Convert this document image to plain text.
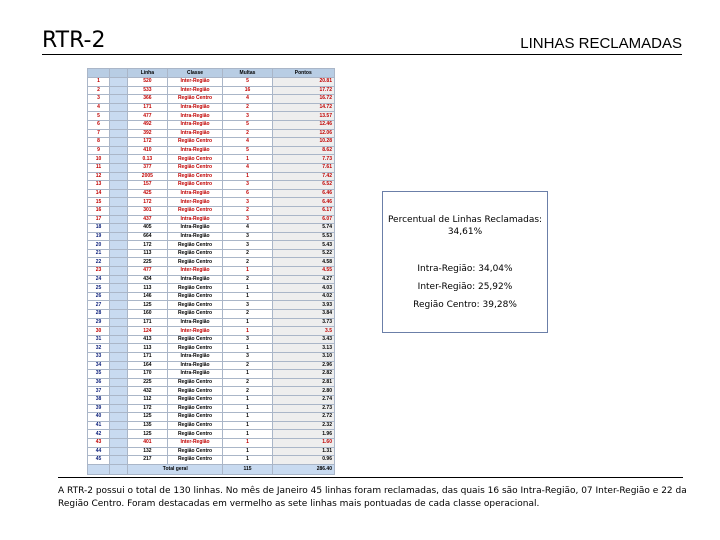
RTR-2	LINHAS RECLAMADAS
		Linha	Classe	Multas	Pontos
1		520	Inter-Região	5	20.81
2		533	Inter-Região	16	17.72
3		366	Região Centro	4	16.72
4		171	Intra-Região	2	14.72
5		477	Intra-Região	3	13.57
6		492	Intra-Região	5	12.46
7		392	Intra-Região	2	12.06
8		172	Região Centro	4	10.28
9		410	Intra-Região	5	8.62
10		0.13	Região Centro	1	7.73
11		377	Região Centro	4	7.61
12		2005	Região Centro	1	7.42
13		157	Região Centro	3	6.52
14		425	Intra-Região	6	6.46
15		172	Inter-Região	3	6.46
16		301	Região Centro	2	6.17
17		437	Intra-Região	3	6.07
18		405	Intra-Região	4	5.74
19		664	Intra-Região	3	5.53
20		172	Região Centro	3	5.43
21		113	Região Centro	2	5.22
22		225	Região Centro	2	4.58
23		477	Inter-Região	1	4.55
24		434	Intra-Região	2	4.27
25		113	Região Centro	1	4.03
26		146	Região Centro	1	4.02
27		125	Região Centro	3	3.93
28		160	Região Centro	2	3.84
29		171	Intra-Região	1	3.73
30		124	Inter-Região	1	3.5
31		413	Região Centro	3	3.43
32		113	Região Centro	1	3.13
33		171	Intra-Região	3	3.10
34		164	Intra-Região	2	2.96
35		170	Intra-Região	1	2.82
36		225	Região Centro	2	2.81
37		432	Região Centro	2	2.80
38		112	Região Centro	1	2.74
39		172	Região Centro	1	2.73
40		125	Região Centro	1	2.72
41		135	Região Centro	1	2.32
42		125	Região Centro	1	1.96
43		401	Inter-Região	1	1.60
44		132	Região Centro	1	1.31
45		217	Região Centro	1	0.96
		Total geral		115	286.40
Percentual de Linhas Reclamadas: 34,61%
Intra-Região: 34,04%
Inter-Região: 25,92%
Região Centro: 39,28%
A RTR-2 possui o total de 130 linhas. No mês de Janeiro 45 linhas foram reclamadas, das quais 16 são Intra-Região, 07 Inter-Região e 22 da Região Centro. Foram destacadas em vermelho as sete linhas mais pontuadas de cada classe operacional.
